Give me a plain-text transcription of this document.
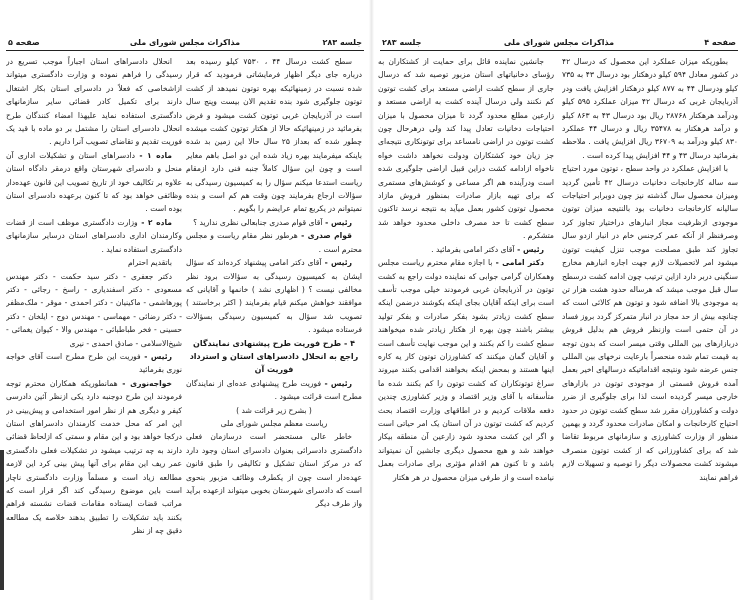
جلسه ۲۸۳
مذاکرات مجلس شورای ملی
صفحه ۵

سطح کشت درسال ۴۴ ، ۷۵۳۰ کیلو رسیده بعد درباره جای دیگر اظهار فرمایشاتی فرمودید که قرار شده نسبت در زمینهائیکه بهره توتون نمیدهد از کشت توتون جلوگیری شود بنده تقدیم الان بیست وپنج سال است در آذربایجان غربی توتون کشت میشود و فرض بفرمائید در زمینهائیکه حالا از هکتار توتون کشت میشده چطور شده که بعداز ۲۵ سال حالا این زمین بد شده باینکه میفرمایند بهره زیاد شده این دو اصل باهم مغایر است و چون این سؤال کاملاً جنبه فنی دارد ازمقام ریاست استدعا میکنم سؤال را به کمیسیون رسیدگی به سؤالات ارجاع بفرمایند چون وقت هم کم است و بنده نمیتوانم در یکربع تمام عرایضم را بگویم .

رئیس - آقای قوام صدری جنابعالی نظری ندارید ؟

قوام صدری - هرطور نظر مقام ریاست و مجلس محترم است .

رئیس - آقای دکتر امامی پیشنهاد کرده‌اند که سؤال ایشان به کمیسیون رسیدگی به سؤالات برود نظر مخالفی نیست ؟ ( اظهاری نشد ) خانمها و آقایانی که موافقند خواهش میکنم قیام بفرمایند ( اکثر برخاستند ) تصویب شد سؤال به کمیسیون رسیدگی بسؤالات فرستاده میشود .

۴ - طرح فوریت طرح پیشنهادی نمایندگان راجع به انحلال دادسراهای استان و استرداد فوریت آن

رئیس - فوریت طرح پیشنهادی عده‌ای از نمایندگان مطرح است قرائت میشود .

( بشرح زیر قرائت شد )

ریاست معظم مجلس شورای ملی

خاطر عالی مستحضر است درسازمان فعلی دادگستری دادسرائی بعنوان دادسرای استان وجود دارد که در مرکز استان تشکیل و تکالیفی را طبق قانون عهده‌دار است چون از یکطرف وظائف مزبور بنحوی است که دادسرای شهرستان بخوبی میتواند ازعهده برآید واز طرف دیگر

انحلال دادسراهای استان اجباراً موجب تسریع در رسیدگی را فراهم نموده و وزارت دادگستری میتواند ازاشخاصی که فعلاً در دادسرای استان بکار اشتغال دارند برای تکمیل کادر قضائی سایر سازمانهای دادگستری استفاده نماید علیهذا امضاء کنندگان طرح انحلال دادسرای استان را مشتمل بر دو ماده با قید یک فوریت تقدیم و تقاضای تصویب آنرا داریم .

ماده ۱ - دادسراهای استان و تشکیلات اداری آن منحل و دادسرای شهرستان واقع درمقر دادگاه استان علاوه بر تکالیف خود از تاریخ تصویب این قانون عهده‌دار وظائفی خواهد بود که تا کنون برعهده دادسرای استان بوده است .

ماده ۲ - وزارت دادگستری موظف است از قضات وکارمندان اداری دادسراهای استان درسایر سازمانهای دادگستری استفاده نماید .

باتقدیم احترام

دکتر جعفری - دکتر سید حکمت - دکتر مهندس مسعودی - دکتر اسفندیاری - راسخ - رجائی - دکتر پورهاشمی - ماکینیان - دکتر احمدی - موقر - ملک‌مظفر - دکتر رضائی - مهماسی - مهندس دوج - ایلخان - دکتر حسینی - فخر طباطبائی - مهندس والا - کیوان یغمائی - شیخ‌الاسلامی - صادق احمدی - نیری

رئیس - فوریت این طرح مطرح است آقای خواجه نوری بفرمائید

خواجه‌نوری - همانطوریکه همکاران محترم توجه فرمودند این طرح دوجنبه دارد یکی ازنظر آئین دادرسی کیفر و دیگری هم از نظر امور استخدامی و پیش‌بینی در این امر که محل خدمت کارمندان دادسراهای استان درکجا خواهد بود و این مقام و سمتی که ازلحاظ قضائی دارند به چه ترتیب میشود در تشکیلات فعلی دادگستری عمر ریف این مقام برای آنها پیش بینی کرد این لازمه مطالعه زیاد است و مسلماً وزارت دادگستری ناچار است باین موضوع رسیدگی کند اگر قرار است که مراتب قضات ایستاده مقامات قضات نشسته فراهم بکنند باید تشکیلات را تطبیق بدهند خلاصه یک مطالعه دقیق چه از نظر

صفحه ۴
مذاکرات مجلس شورای ملی
جلسه ۲۸۳

بطوریکه میزان عملکرد این محصول که درسال ۴۲ در کشور معادل ۵۹۴ کیلو درهکتار بود درسال ۴۳ به ۷۳۵ کیلو ودرسال ۴۴ به ۸۷۷ کیلو درهکتار افزایش یافت ودر آذربایجان غربی که درسال ۴۲ میزان عملکرد ۵۹۵ کیلو ودرآمد هرهکتار ۲۸۷۶۸ ریال بود درسال ۴۳ به ۸۶۳ کیلو و درآمد هرهکتار به ۳۵۴۷۸ ریال و درسال ۴۴ عملکرد ۸۳۰ کیلو ودرآمد به ۳۶۷۰۹ ریال افزایش یافت . ملاحظه بفرمائید درسال ۴۳ و ۴۴ افزایش پیدا کرده است .

با افزایش عملکرد در واحد سطح ، توتون مورد احتیاج سه ساله کارخانجات دخانیات درسال ۴۲ تأمین گردید ومیزان محصول سال گذشته نیز چون دوبرابر احتیاجات سالیانه کارخانجات دخانیات بود بالنتیجه میزان توتون موجودی ازظرفیت مجاز انبارهای دراختیار تجاوز کرد وصرفنظر از آنکه عمر کرجنس خام در انبار ازدو سال تجاوز کند طبق مصلحت موجب تنزل کیفیت توتون میشود امر لاتحصیلات لازم جهت اجاره انبارهم مخارج سنگینی دربر دارد ازاین ترتیب چون ادامه کشت درسطح سال قبل موجب میشد که هرساله حدود هشت هزار تن به موجودی بالا اضافه شود و توتون هم کالائی است که چنانچه بیش از حد مجاز در انبار متمرکز گردد بروز فساد در آن حتمی است وازنظر فروش هم بدلیل فروش دربازارهای بین المللی وقتی میسر است که بدون توجه به قیمت تمام شده منحصراً بارعایت نرخهای بین المللی جنس عرضه شود ونتیجه اقداماتیکه درسالهای اخیر بعمل آمده فروش قسمتی از موجودی توتون در بازارهای خارجی میسر گردیده است لذا برای جلوگیری از ضرر دولت و کشاورزان مقرر شد سطح کشت توتون در حدود احتیاج کارخانجات و امکان صادرات محدود گردد و بهمین منظور از وزارت کشاورزی و سازمانهای مربوط تقاضا شد که برای کشاورزانی که از کشت توتون منصرف میشوند کشت محصولات دیگر را توصیه و تسهیلات لازم فراهم نمایند

جانشین نماینده قائل برای حمایت از کشتکاران به رؤسای دخانیاتهای استان مزبور توصیه شد که درسال جاری از سطح کشت اراضی مستعد برای کشت توتون کم نکنند ولی درسال آینده کشت به اراضی مستعد و زارعین مطلع محدود گردد تا میزان محصول با میزان احتیاجات دخانیات تعادل پیدا کند ولی درهرحال چون کشت توتون در اراضی نامساعد برای توتونکاری نتیجه‌ای جز زیان خود کشتکاران ودولت نخواهد داشت خواه ناخواه ازادامه کشت دراین قبیل اراضی جلوگیری شده است ودرآینده هم اگر مساعی و کوشش‌های مستمری که برای تهیه بازار صادرات بمنظور فروش مازاد محصول توتون کشور بعمل میآید به نتیجه نرسد تاکنون سطح کشت تا حد مصرف داخلی محدود خواهد شد متشکرم .

رئیس - آقای دکتر امامی بفرمائید .

دکتر امامی - با اجازه مقام محترم ریاست مجلس وهمکاران گرامی جوابی که نماینده دولت راجع به کشت توتون در آذربایجان غربی فرمودند خیلی موجب تأسف است برای اینکه آقایان بجای اینکه بکوشند درضمن اینکه سطح کشت زیادتر بشود بفکر صادرات و بفکر تولید بیشتر باشند چون بهره از هکتار زیادتر شده میخواهند سطح کشت را کم بکنند و این موجب نهایت تأسف است و آقایان گمان میکنند که کشاورزان توتون کار یه کاره اینها هستند و بمحض اینکه بخواهند اقدامی بکنند میروند سراغ توتونکاران که کشت توتون را کم بکنند شده ما متأسفانه با آقای وزیر اقتصاد و وزیر کشاورزی چندین دفعه ملاقات کردیم و در اطاقهای وزارت اقتصاد بحث کردیم که کشت توتون در آن استان یک امر حیاتی است و اگر این کشت محدود شود زارعین آن منطقه بیکار خواهند شد و هیچ محصول دیگری جانشین آن نمیتواند باشد و تا کنون هم اقدام مؤثری برای صادرات بعمل نیامده است و از طرفی میزان محصول در هر هکتار
